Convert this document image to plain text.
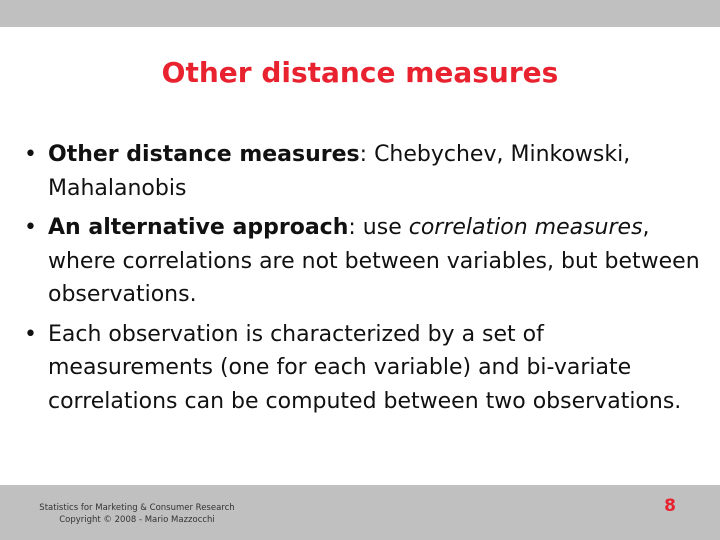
Other distance measures
• Other distance measures: Chebychev, Minkowski, Mahalanobis
• An alternative approach: use correlation measures, where correlations are not between variables, but between observations.
• Each observation is characterized by a set of measurements (one for each variable) and bi-variate correlations can be computed between two observations.
Statistics for Marketing & Consumer Research
Copyright © 2008 - Mario Mazzocchi
8
